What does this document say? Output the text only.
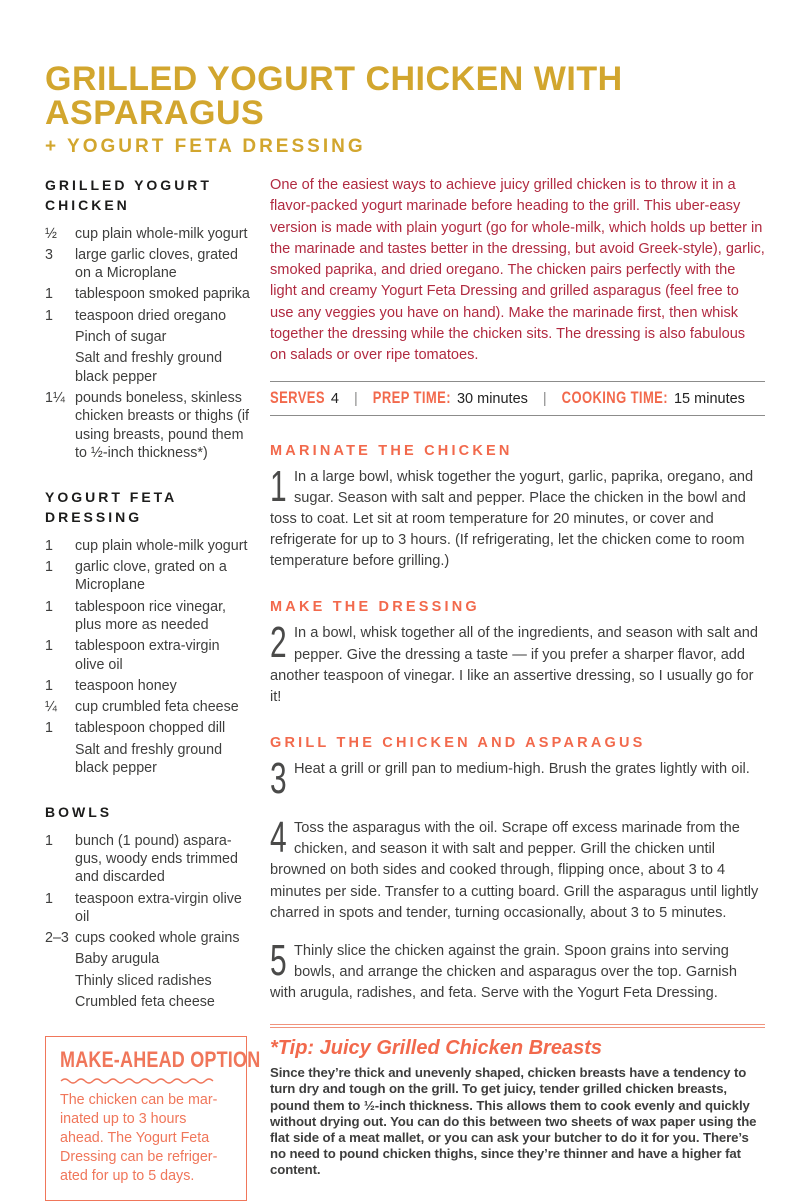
GRILLED YOGURT CHICKEN WITH ASPARAGUS
+ YOGURT FETA DRESSING
GRILLED YOGURT CHICKEN
½	cup plain whole-milk yogurt
3	large garlic cloves, grated on a Microplane
1	tablespoon smoked paprika
1	teaspoon dried oregano
Pinch of sugar
Salt and freshly ground black pepper
1¼ pounds boneless, skinless chicken breasts or thighs (if using breasts, pound them to ½-inch thickness*)
YOGURT FETA DRESSING
1	cup plain whole-milk yogurt
1	garlic clove, grated on a Microplane
1	tablespoon rice vinegar, plus more as needed
1	tablespoon extra-virgin olive oil
1	teaspoon honey
¼	cup crumbled feta cheese
1	tablespoon chopped dill
Salt and freshly ground black pepper
BOWLS
1	bunch (1 pound) asparagus, woody ends trimmed and discarded
1	teaspoon extra-virgin olive oil
2–3 cups cooked whole grains
Baby arugula
Thinly sliced radishes
Crumbled feta cheese
MAKE-AHEAD OPTION
The chicken can be marinated up to 3 hours ahead. The Yogurt Feta Dressing can be refrigerated for up to 5 days.

One of the easiest ways to achieve juicy grilled chicken is to throw it in a flavor-packed yogurt marinade before heading to the grill. This uber-easy version is made with plain yogurt (go for whole-milk, which holds up better in the marinade and tastes better in the dressing, but avoid Greek-style), garlic, smoked paprika, and dried oregano. The chicken pairs perfectly with the light and creamy Yogurt Feta Dressing and grilled asparagus (feel free to use any veggies you have on hand). Make the marinade first, then whisk together the dressing while the chicken sits. The dressing is also fabulous on salads or over ripe tomatoes.

SERVES 4 | PREP TIME: 30 minutes | COOKING TIME: 15 minutes
MARINATE THE CHICKEN
1 In a large bowl, whisk together the yogurt, garlic, paprika, oregano, and sugar. Season with salt and pepper. Place the chicken in the bowl and toss to coat. Let sit at room temperature for 20 minutes, or cover and refrigerate for up to 3 hours. (If refrigerating, let the chicken come to room temperature before grilling.)
MAKE THE DRESSING
2 In a bowl, whisk together all of the ingredients, and season with salt and pepper. Give the dressing a taste — if you prefer a sharper flavor, add another teaspoon of vinegar. I like an assertive dressing, so I usually go for it!
GRILL THE CHICKEN AND ASPARAGUS
3 Heat a grill or grill pan to medium-high. Brush the grates lightly with oil.
4 Toss the asparagus with the oil. Scrape off excess marinade from the chicken, and season it with salt and pepper. Grill the chicken until browned on both sides and cooked through, flipping once, about 3 to 4 minutes per side. Transfer to a cutting board. Grill the asparagus until lightly charred in spots and tender, turning occasionally, about 3 to 5 minutes.
5 Thinly slice the chicken against the grain. Spoon grains into serving bowls, and arrange the chicken and asparagus over the top. Garnish with arugula, radishes, and feta. Serve with the Yogurt Feta Dressing.
*Tip: Juicy Grilled Chicken Breasts

Since they’re thick and unevenly shaped, chicken breasts have a tendency to turn dry and tough on the grill. To get juicy, tender grilled chicken breasts, pound them to ½-inch thickness. This allows them to cook evenly and quickly without drying out. You can do this between two sheets of wax paper using the flat side of a meat mallet, or you can ask your butcher to do it for you. There’s no need to pound chicken thighs, since they’re thinner and have a higher fat content.
